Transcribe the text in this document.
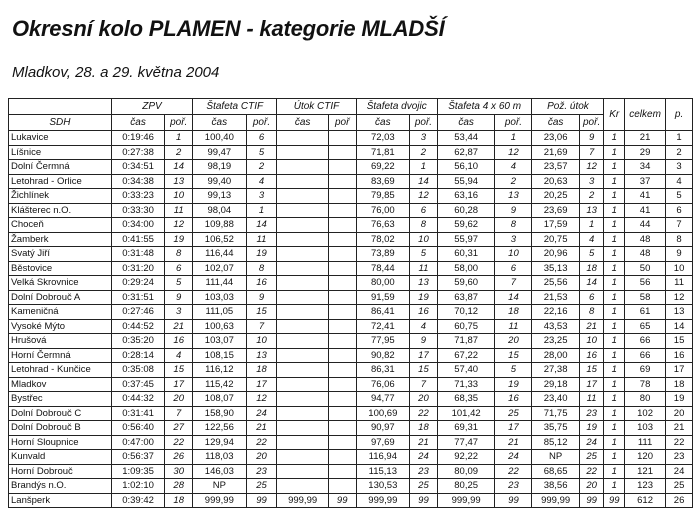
Okresní kolo PLAMEN - kategorie MLADŠÍ
Mladkov, 28. a 29. května 2004
	ZPV		Štafeta CTIF		Útok CTIF		Štafeta dvojic		Štafeta 4 x 60 m		Pož. útok		Kr	celkem	p.
SDH	čas	poř.	čas	poř.	čas	poř	čas	poř.	čas	poř.	čas	poř.			
Lukavice	0:19:46	1	100,40	6			72,03	3	53,44	1	23,06	9	1	21	1
Líšnice	0:27:38	2	99,47	5			71,81	2	62,87	12	21,69	7	1	29	2
Dolní Čermná	0:34:51	14	98,19	2			69,22	1	56,10	4	23,57	12	1	34	3
Letohrad - Orlice	0:34:38	13	99,40	4			83,69	14	55,94	2	20,63	3	1	37	4
Žichlínek	0:33:23	10	99,13	3			79,85	12	63,16	13	20,25	2	1	41	5
Klášterec n.O.	0:33:30	11	98,04	1			76,00	6	60,28	9	23,69	13	1	41	6
Choceň	0:34:00	12	109,88	14			76,63	8	59,62	8	17,59	1	1	44	7
Žamberk	0:41:55	19	106,52	11			78,02	10	55,97	3	20,75	4	1	48	8
Svatý Jiří	0:31:48	8	116,44	19			73,89	5	60,31	10	20,96	5	1	48	9
Běstovice	0:31:20	6	102,07	8			78,44	11	58,00	6	35,13	18	1	50	10
Velká Skrovnice	0:29:24	5	111,44	16			80,00	13	59,60	7	25,56	14	1	56	11
Dolní Dobrouč A	0:31:51	9	103,03	9			91,59	19	63,87	14	21,53	6	1	58	12
Kameničná	0:27:46	3	111,05	15			86,41	16	70,12	18	22,16	8	1	61	13
Vysoké Mýto	0:44:52	21	100,63	7			72,41	4	60,75	11	43,53	21	1	65	14
Hrušová	0:35:20	16	103,07	10			77,95	9	71,87	20	23,25	10	1	66	15
Horní Čermná	0:28:14	4	108,15	13			90,82	17	67,22	15	28,00	16	1	66	16
Letohrad - Kunčice	0:35:08	15	116,12	18			86,31	15	57,40	5	27,38	15	1	69	17
Mladkov	0:37:45	17	115,42	17			76,06	7	71,33	19	29,18	17	1	78	18
Bystřec	0:44:32	20	108,07	12			94,77	20	68,35	16	23,40	11	1	80	19
Dolní Dobrouč C	0:31:41	7	158,90	24			100,69	22	101,42	25	71,75	23	1	102	20
Dolní Dobrouč B	0:56:40	27	122,56	21			90,97	18	69,31	17	35,75	19	1	103	21
Horní Sloupnice	0:47:00	22	129,94	22			97,69	21	77,47	21	85,12	24	1	111	22
Kunvald	0:56:37	26	118,03	20			116,94	24	92,22	24	NP	25	1	120	23
Horní Dobrouč	1:09:35	30	146,03	23			115,13	23	80,09	22	68,65	22	1	121	24
Brandýs n.O.	1:02:10	28	NP	25			130,53	25	80,25	23	38,56	20	1	123	25
Lanšperk	0:39:42	18	999,99	99	999,99	99	999,99	99	999,99	99	999,99	99	99	612	26
